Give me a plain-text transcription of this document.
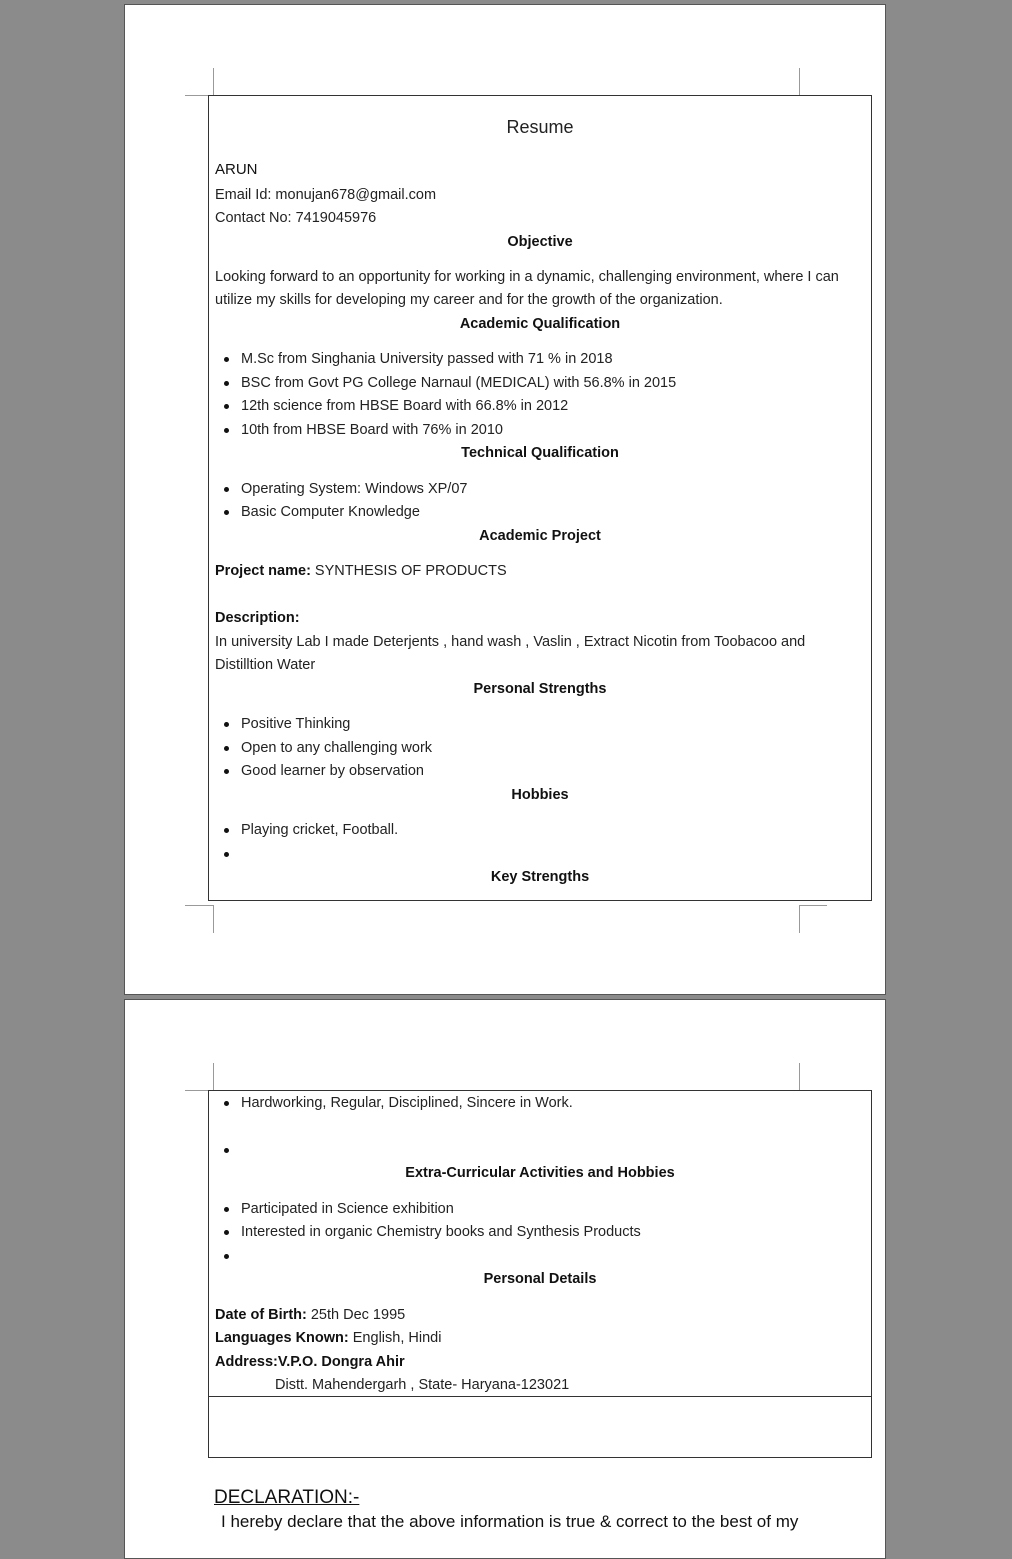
Resume
ARUN
Email Id: monujan678@gmail.com
Contact No: 7419045976
Objective
Looking forward to an opportunity for working in a dynamic, challenging environment, where I can
utilize my skills for developing my career and for the growth of the organization.
Academic Qualification
M.Sc from Singhania University passed with 71 % in 2018
BSC from Govt PG College Narnaul (MEDICAL) with 56.8% in 2015
12th science from HBSE Board with 66.8% in 2012
10th from HBSE Board with 76% in 2010
Technical Qualification
Operating System: Windows XP/07
Basic Computer Knowledge
Academic Project
Project name: SYNTHESIS OF PRODUCTS
Description:
In university Lab I made Deterjents , hand wash , Vaslin , Extract Nicotin from Toobacoo and
Distilltion Water
Personal Strengths
Positive Thinking
Open to any challenging work
Good learner by observation
Hobbies
Playing cricket, Football.
Key Strengths
Hardworking, Regular, Disciplined, Sincere in Work.
Extra-Curricular Activities and Hobbies
Participated in Science exhibition
Interested in organic Chemistry books and Synthesis Products
Personal Details
Date of Birth: 25th Dec 1995
Languages Known: English, Hindi
Address:V.P.O. Dongra Ahir
Distt. Mahendergarh , State- Haryana-123021
DECLARATION:-
I hereby declare that the above information is true & correct to the best of my
